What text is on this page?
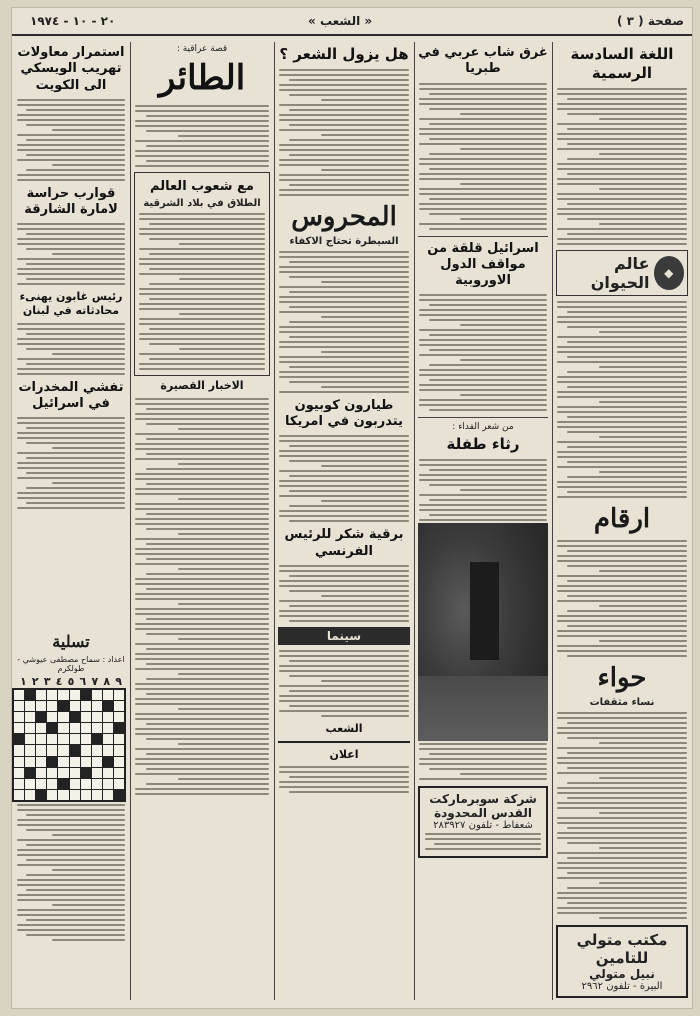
٢٠ - ١٠ - ١٩٧٤	« الشعب »	صفحة ( ٣ )
اللغة السادسة الرسمية
◆
عالم الحيوان
ارقام
حواء
نساء مثقفات
مكتب متولي للتامين
نبيل متولي
البيرة - تلفون ٢٩٦٢
غرق شاب عربي في طبريا
اسرائيل قلقة من مواقف الدول الاوروبية
من شعر الفداء :
رثاء طفلة
شركة سوبرماركت القدس المحدودة
شعفاط - تلفون ٢٨٣٩٢٧
هل يزول الشعر ؟
المحروس
السيطرة تحتاج الاكفاء
طيارون كوبيون يتدربون في امريكا
برقية شكر للرئيس الفرنسي
سينما
الشعب
اعلان
قصة عراقية :
الطائر
مع شعوب العالم
الطلاق في بلاد الشرقية
الاخبار القصيرة
استمرار معاولات تهريب الويسكي الى الكويت
قوارب حراسة لامارة الشارقة
رئيس غابون يهنىء محادثاته في لبنان
تفشي المخدرات في اسرائيل
تسلية
اعداد : سماح مصطفى عيوشي - طولكرم
١ ٢ ٣ ٤ ٥ ٦ ٧ ٨ ٩
